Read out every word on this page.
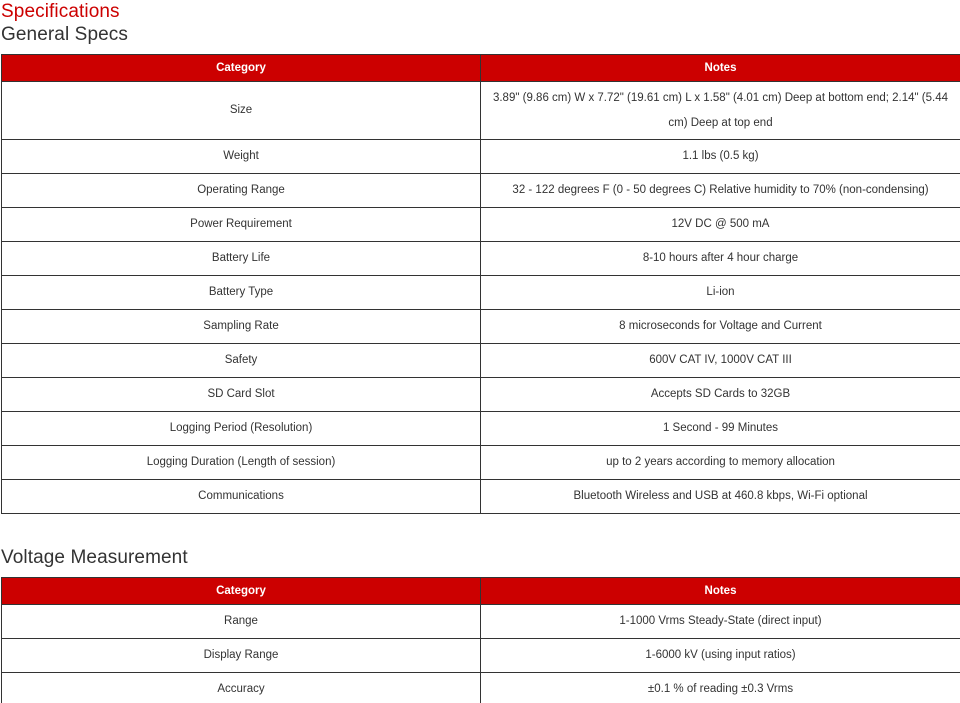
Specifications
General Specs
Category	Notes
Size	3.89" (9.86 cm) W x 7.72" (19.61 cm) L x 1.58" (4.01 cm) Deep at bottom end; 2.14" (5.44 cm) Deep at top end
Weight	1.1 lbs (0.5 kg)
Operating Range	32 - 122 degrees F (0 - 50 degrees C) Relative humidity to 70% (non-condensing)
Power Requirement	12V DC @ 500 mA
Battery Life	8-10 hours after 4 hour charge
Battery Type	Li-ion
Sampling Rate	8 microseconds for Voltage and Current
Safety	600V CAT IV, 1000V CAT III
SD Card Slot	Accepts SD Cards to 32GB
Logging Period (Resolution)	1 Second - 99 Minutes
Logging Duration (Length of session)	up to 2 years according to memory allocation
Communications	Bluetooth Wireless and USB at 460.8 kbps, Wi-Fi optional
Voltage Measurement
Category	Notes
Range	1-1000 Vrms Steady-State (direct input)
Display Range	1-6000 kV (using input ratios)
Accuracy	±0.1 % of reading ±0.3 Vrms
